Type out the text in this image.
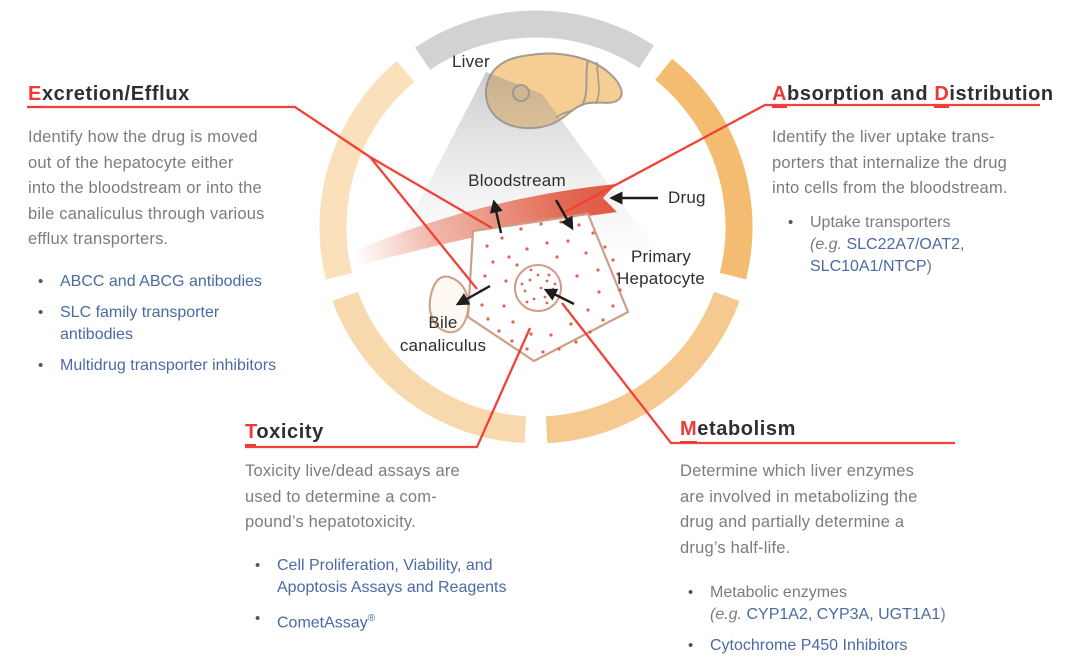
Liver
Bloodstream
Drug
Primary
Hepatocyte
Bile
canaliculus
Excretion/Efflux
Identify how the drug is moved
out of the hepatocyte either
into the bloodstream or into the
bile canaliculus through various
efflux transporters.
• ABCC and ABCG antibodies
• SLC family transporter
antibodies
• Multidrug transporter inhibitors
Absorption and Distribution
Identify the liver uptake trans-
porters that internalize the drug
into cells from the bloodstream.
• Uptake transporters
(e.g. SLC22A7/OAT2,
SLC10A1/NTCP)
Toxicity
Toxicity live/dead assays are
used to determine a com-
pound’s hepatotoxicity.
• Cell Proliferation, Viability, and
Apoptosis Assays and Reagents
• CometAssay®
Metabolism
Determine which liver enzymes
are involved in metabolizing the
drug and partially determine a
drug’s half-life.
• Metabolic enzymes
(e.g. CYP1A2, CYP3A, UGT1A1)
• Cytochrome P450 Inhibitors
